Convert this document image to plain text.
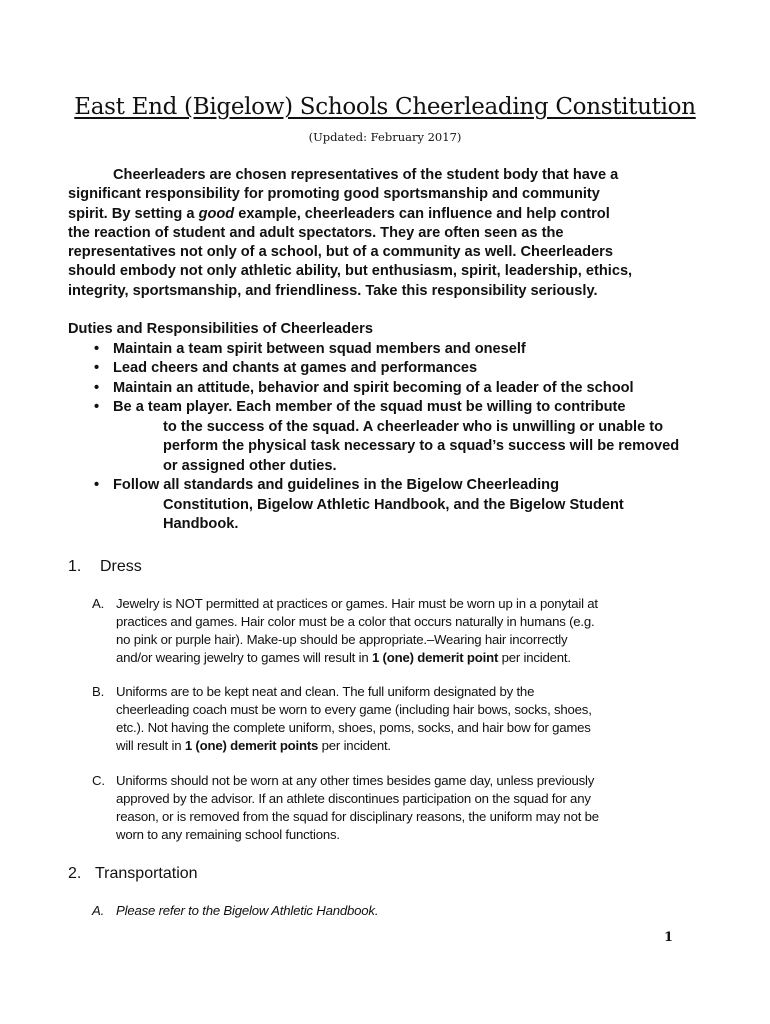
East End (Bigelow) Schools Cheerleading Constitution
(Updated: February 2017)
Cheerleaders are chosen representatives of the student body that have a
significant responsibility for promoting good sportsmanship and community
spirit. By setting a good example, cheerleaders can influence and help control
the reaction of student and adult spectators. They are often seen as the
representatives not only of a school, but of a community as well. Cheerleaders
should embody not only athletic ability, but enthusiasm, spirit, leadership, ethics,
integrity, sportsmanship, and friendliness. Take this responsibility seriously.
Duties and Responsibilities of Cheerleaders
• Maintain a team spirit between squad members and oneself
• Lead cheers and chants at games and performances
• Maintain an attitude, behavior and spirit becoming of a leader of the school
• Be a team player. Each member of the squad must be willing to contribute
to the success of the squad. A cheerleader who is unwilling or unable to
perform the physical task necessary to a squad’s success will be removed
or assigned other duties.
• Follow all standards and guidelines in the Bigelow Cheerleading
Constitution, Bigelow Athletic Handbook, and the Bigelow Student
Handbook.
1. Dress
A. Jewelry is NOT permitted at practices or games. Hair must be worn up in a ponytail at
practices and games. Hair color must be a color that occurs naturally in humans (e.g.
no pink or purple hair). Make-up should be appropriate.–Wearing hair incorrectly
and/or wearing jewelry to games will result in 1 (one) demerit point per incident.
B. Uniforms are to be kept neat and clean. The full uniform designated by the
cheerleading coach must be worn to every game (including hair bows, socks, shoes,
etc.). Not having the complete uniform, shoes, poms, socks, and hair bow for games
will result in 1 (one) demerit points per incident.
C. Uniforms should not be worn at any other times besides game day, unless previously
approved by the advisor. If an athlete discontinues participation on the squad for any
reason, or is removed from the squad for disciplinary reasons, the uniform may not be
worn to any remaining school functions.
2. Transportation
A. Please refer to the Bigelow Athletic Handbook.
1
